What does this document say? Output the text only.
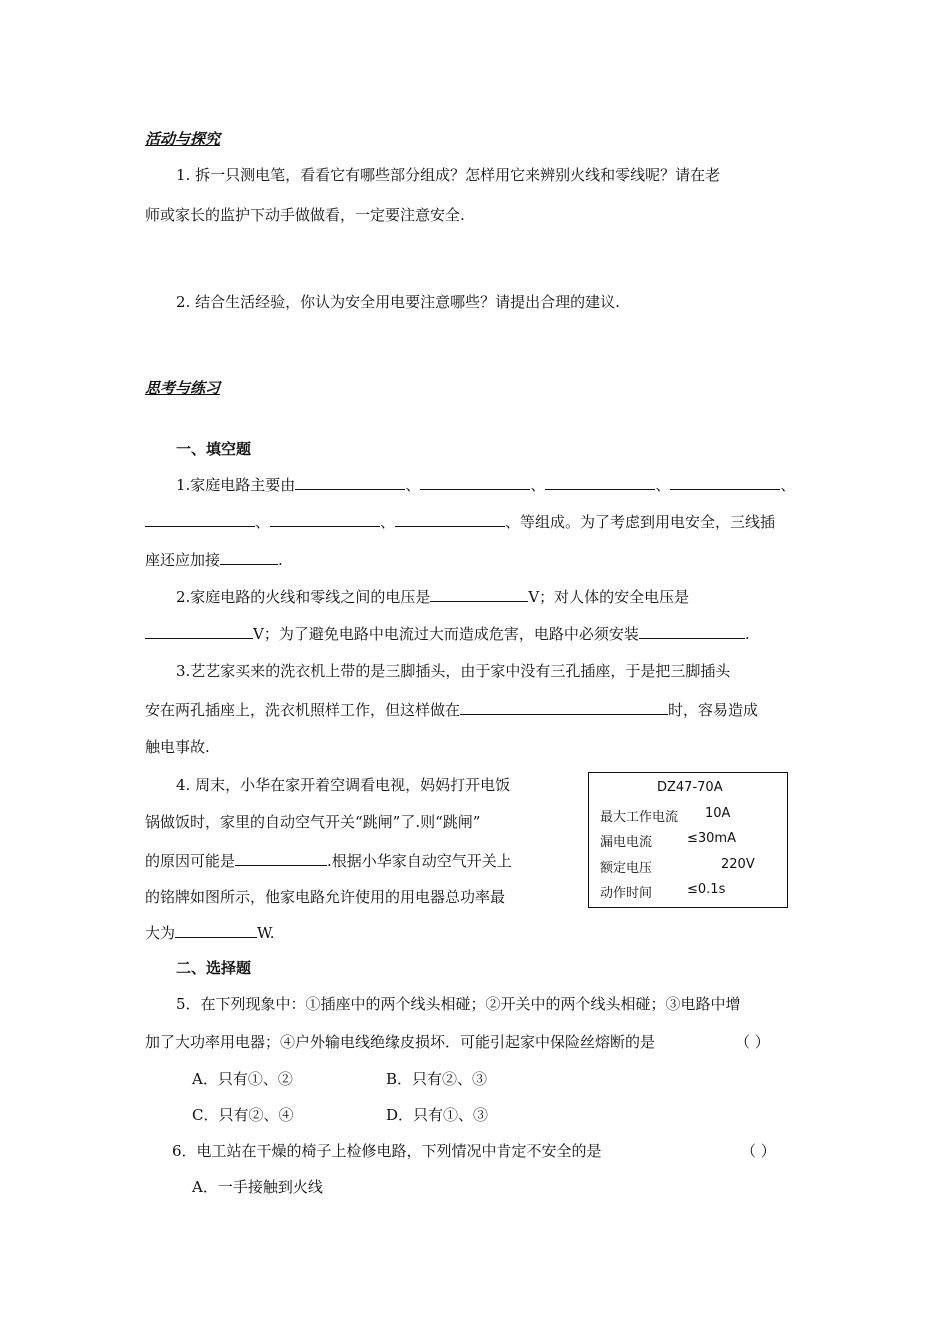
活动与探究
1. 拆一只测电笔，看看它有哪些部分组成？怎样用它来辨别火线和零线呢？请在老
师或家长的监护下动手做做看，一定要注意安全.
2. 结合生活经验，你认为安全用电要注意哪些？请提出合理的建议.
思考与练习
一、填空题
1.家庭电路主要由	、	、	、	、
、	、	、等组成。为了考虑到用电安全，三线插
座还应加接	.
2.家庭电路的火线和零线之间的电压是	V；对人体的安全电压是
V；为了避免电路中电流过大而造成危害，电路中必须安装	.
3.艺艺家买来的洗衣机上带的是三脚插头，由于家中没有三孔插座，于是把三脚插头
安在两孔插座上，洗衣机照样工作，但这样做在	时，容易造成
触电事故.
4. 周末，小华在家开着空调看电视，妈妈打开电饭
锅做饭时，家里的自动空气开关“跳闸”了.则“跳闸”
的原因可能是	.根据小华家自动空气开关上
的铭牌如图所示，他家电路允许使用的用电器总功率最
大为	W.
DZ47-70A
最大工作电流 10A
漏电电流	≤30mA
额定电压	220V
动作时间	≤0.1s
二、选择题
5．在下列现象中：①插座中的两个线头相碰；②开关中的两个线头相碰；③电路中增
加了大功率用电器；④户外输电线绝缘皮损坏．可能引起家中保险丝熔断的是	（ ）
A．只有①、②	B．只有②、③
C．只有②、④	D．只有①、③
6．电工站在干燥的椅子上检修电路，下列情况中肯定不安全的是	（ ）
A．一手接触到火线
